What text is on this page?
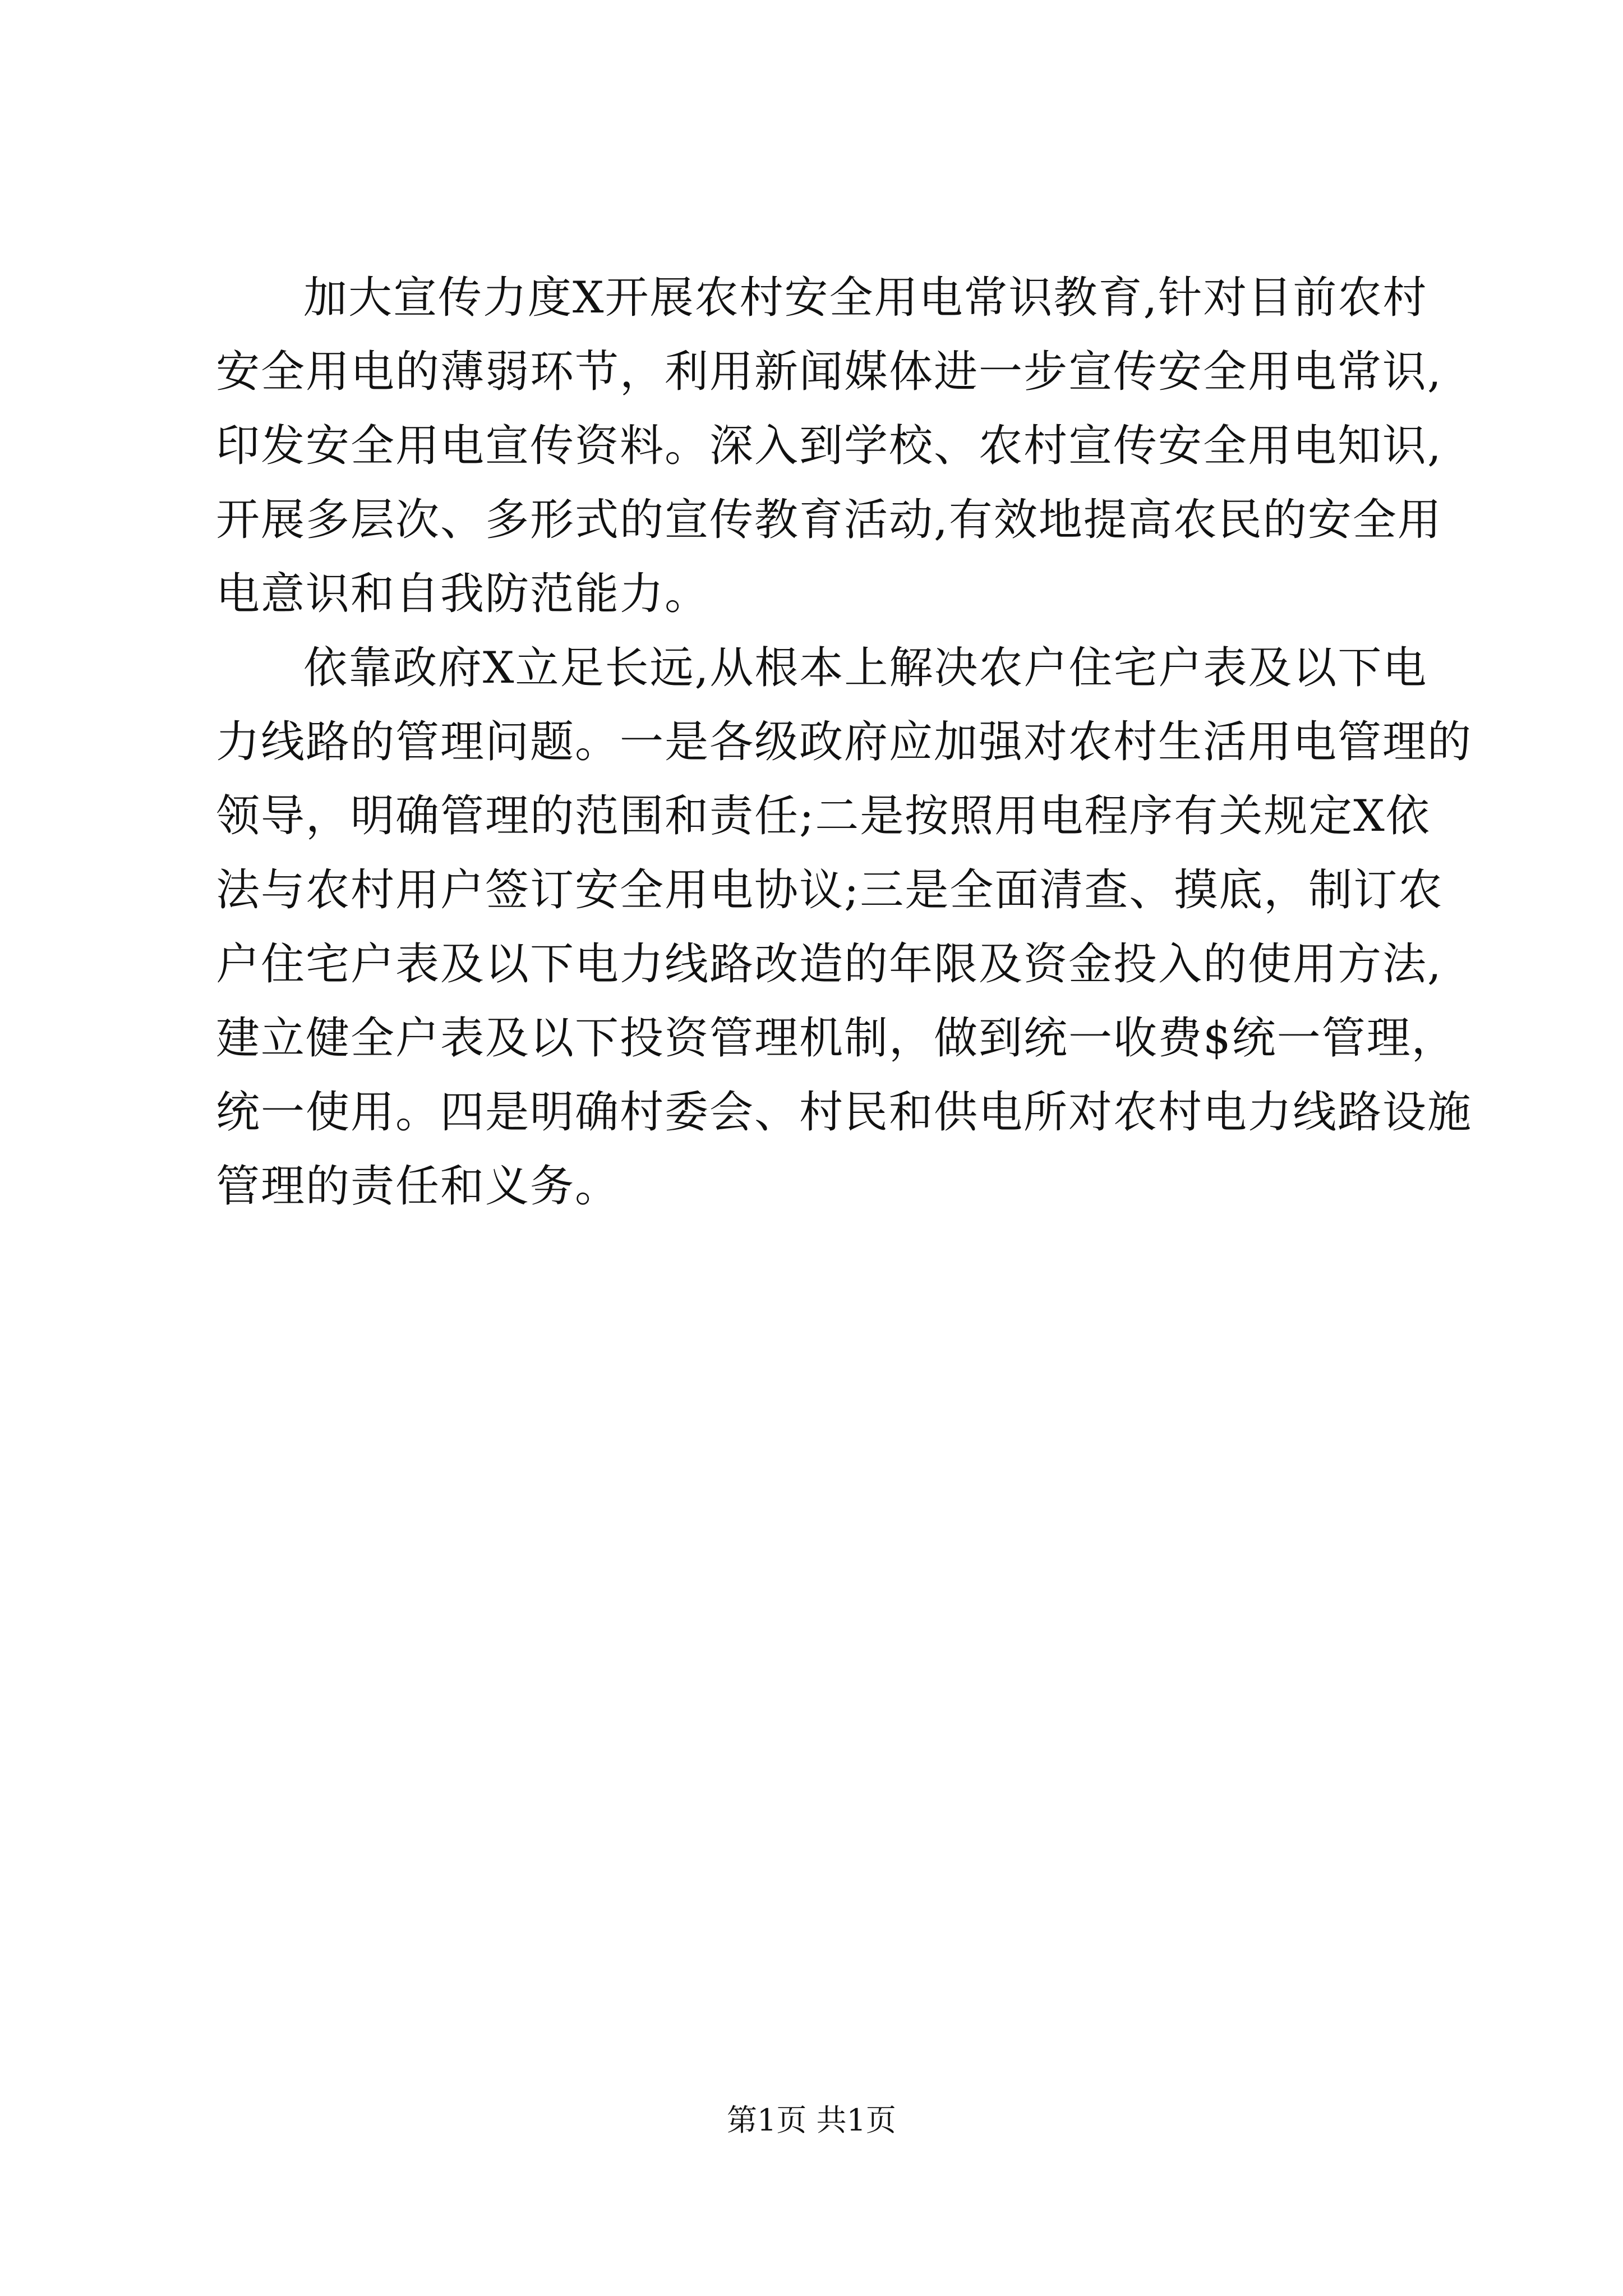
加大宣传力度X开展农村安全用电常识教育,针对目前农村
安全用电的薄弱环节，利用新闻媒体进一步宣传安全用电常识,
印发安全用电宣传资料。深入到学校、农村宣传安全用电知识,
开展多层次、多形式的宣传教育活动,有效地提高农民的安全用
电意识和自我防范能力。
依靠政府X立足长远,从根本上解决农户住宅户表及以下电
力线路的管理问题。一是各级政府应加强对农村生活用电管理的
领导，明确管理的范围和责任;二是按照用电程序有关规定X依
法与农村用户签订安全用电协议;三是全面清查、摸底，制订农
户住宅户表及以下电力线路改造的年限及资金投入的使用方法,
建立健全户表及以下投资管理机制，做到统一收费$统一管理，
统一使用。四是明确村委会、村民和供电所对农村电力线路设施
管理的责任和义务。
第1页 共1页
